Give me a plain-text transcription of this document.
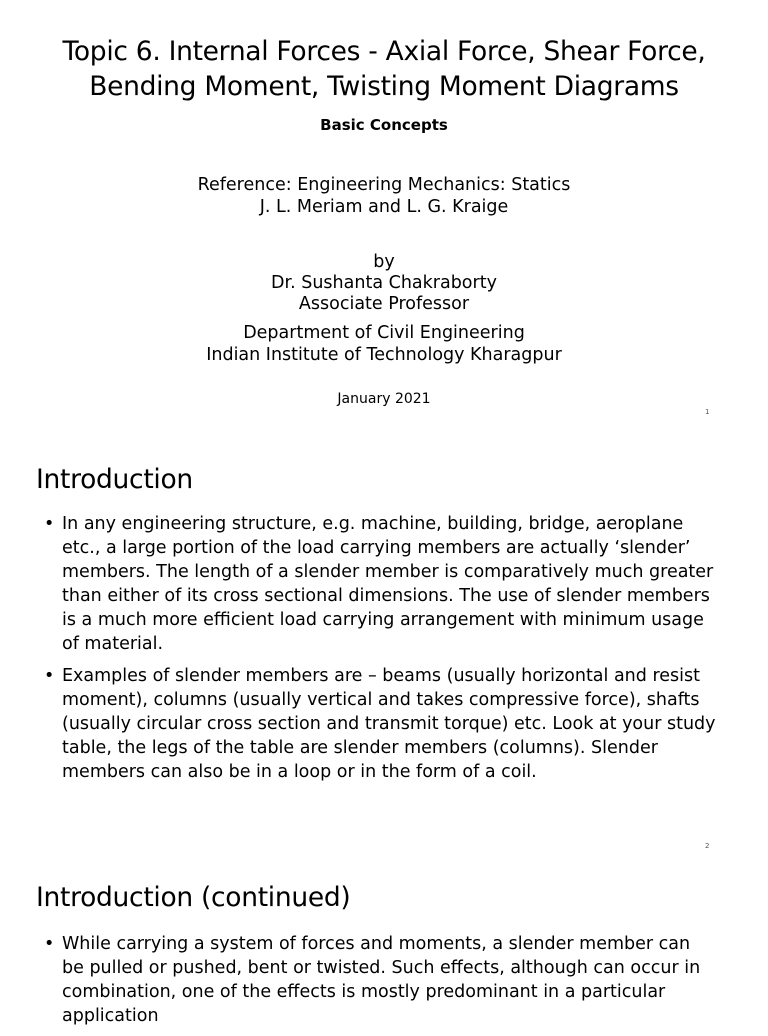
Topic 6. Internal Forces - Axial Force, Shear Force,
Bending Moment, Twisting Moment Diagrams
Basic Concepts
Reference: Engineering Mechanics: Statics
J. L. Meriam and L. G. Kraige
by
Dr. Sushanta Chakraborty
Associate Professor
Department of Civil Engineering
Indian Institute of Technology Kharagpur
January 2021
1
Introduction
• In any engineering structure, e.g. machine, building, bridge, aeroplane etc., a large portion of the load carrying members are actually ‘slender’ members. The length of a slender member is comparatively much greater than either of its cross sectional dimensions. The use of slender members is a much more efficient load carrying arrangement with minimum usage of material.
• Examples of slender members are – beams (usually horizontal and resist moment), columns (usually vertical and takes compressive force), shafts (usually circular cross section and transmit torque) etc. Look at your study table, the legs of the table are slender members (columns). Slender members can also be in a loop or in the form of a coil.
2
Introduction (continued)
• While carrying a system of forces and moments, a slender member can be pulled or pushed, bent or twisted. Such effects, although can occur in combination, one of the effects is mostly predominant in a particular application
